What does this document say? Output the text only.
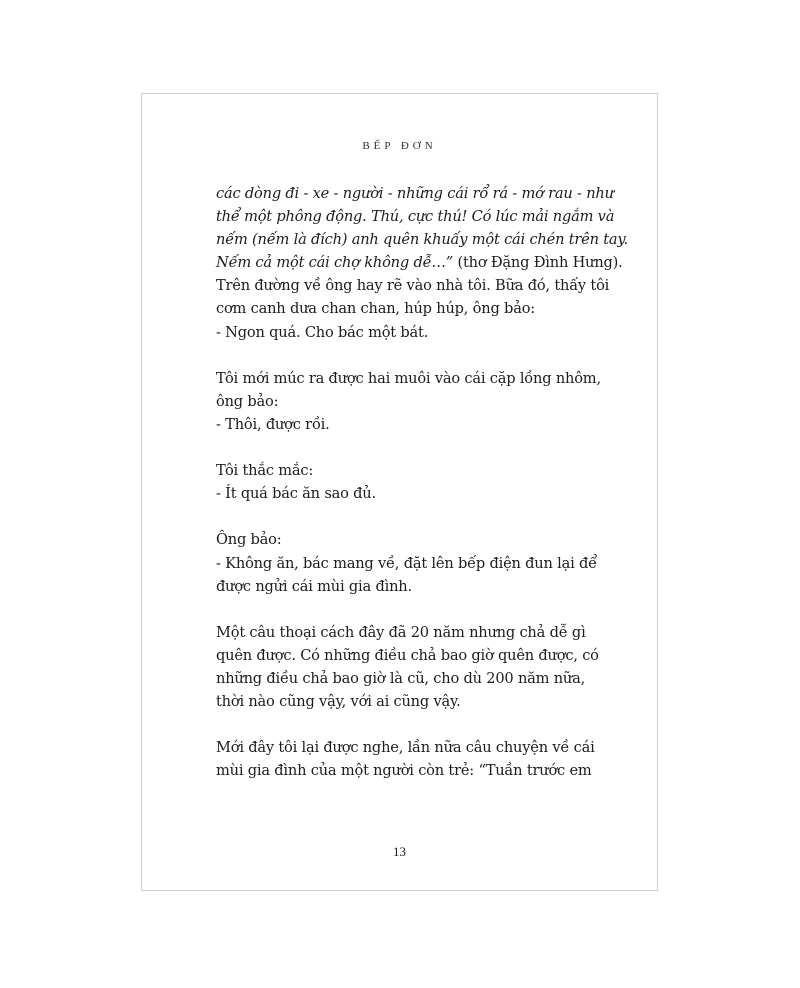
BẾP ĐƠN
các dòng đi - xe - người - những cái rổ rá - mớ rau - như
thể một phông động. Thú, cực thú! Có lúc mải ngắm và
nếm (nếm là đích) anh quên khuấy một cái chén trên tay.
Nếm cả một cái chợ không dễ…” (thơ Đặng Đình Hưng).
Trên đường về ông hay rẽ vào nhà tôi. Bữa đó, thấy tôi
cơm canh dưa chan chan, húp húp, ông bảo:
- Ngon quá. Cho bác một bát.
Tôi mới múc ra được hai muôi vào cái cặp lồng nhôm,
ông bảo:
- Thôi, được rồi.
Tôi thắc mắc:
- Ít quá bác ăn sao đủ.
Ông bảo:
- Không ăn, bác mang về, đặt lên bếp điện đun lại để
được ngửi cái mùi gia đình.
Một câu thoại cách đây đã 20 năm nhưng chả dễ gì
quên được. Có những điều chả bao giờ quên được, có
những điều chả bao giờ là cũ, cho dù 200 năm nữa,
thời nào cũng vậy, với ai cũng vậy.
Mới đây tôi lại được nghe, lần nữa câu chuyện về cái
mùi gia đình của một người còn trẻ: “Tuần trước em
13
